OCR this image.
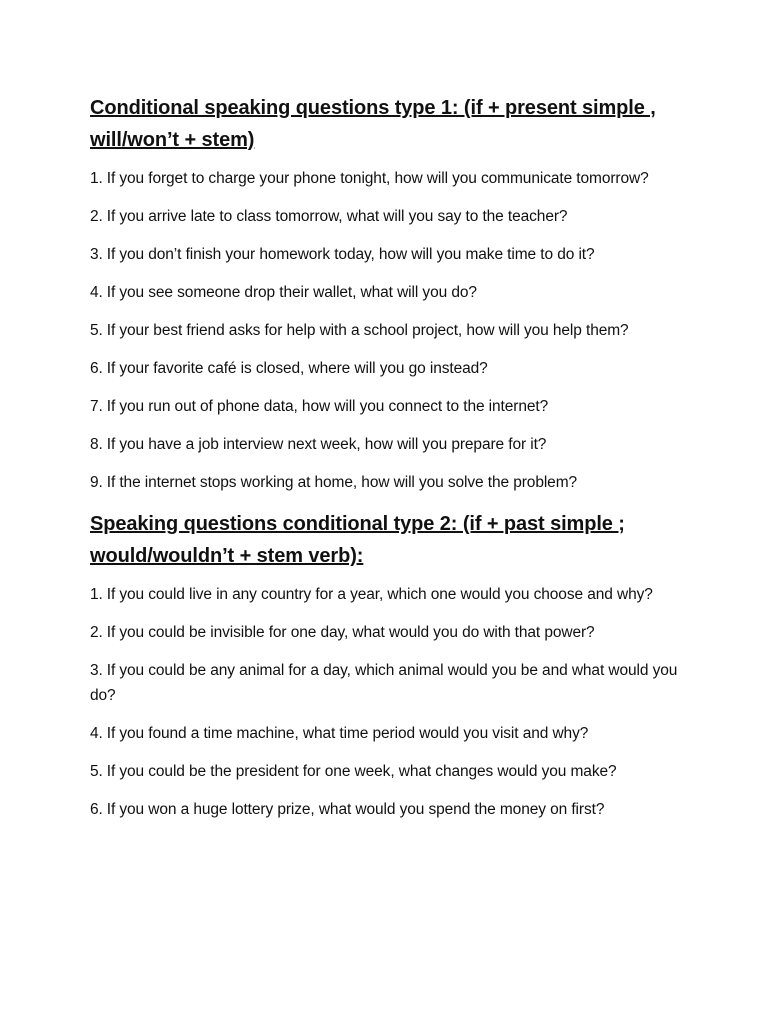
Conditional speaking questions type 1: (if + present simple , will/won’t + stem)
1. If you forget to charge your phone tonight, how will you communicate tomorrow?
2. If you arrive late to class tomorrow, what will you say to the teacher?
3. If you don’t finish your homework today, how will you make time to do it?
4. If you see someone drop their wallet, what will you do?
5. If your best friend asks for help with a school project, how will you help them?
6. If your favorite café is closed, where will you go instead?
7. If you run out of phone data, how will you connect to the internet?
8. If you have a job interview next week, how will you prepare for it?
9. If the internet stops working at home, how will you solve the problem?
Speaking questions conditional type 2: (if + past simple ; would/wouldn’t + stem verb):
1. If you could live in any country for a year, which one would you choose and why?
2. If you could be invisible for one day, what would you do with that power?
3. If you could be any animal for a day, which animal would you be and what would you do?
4. If you found a time machine, what time period would you visit and why?
5. If you could be the president for one week, what changes would you make?
6. If you won a huge lottery prize, what would you spend the money on first?
